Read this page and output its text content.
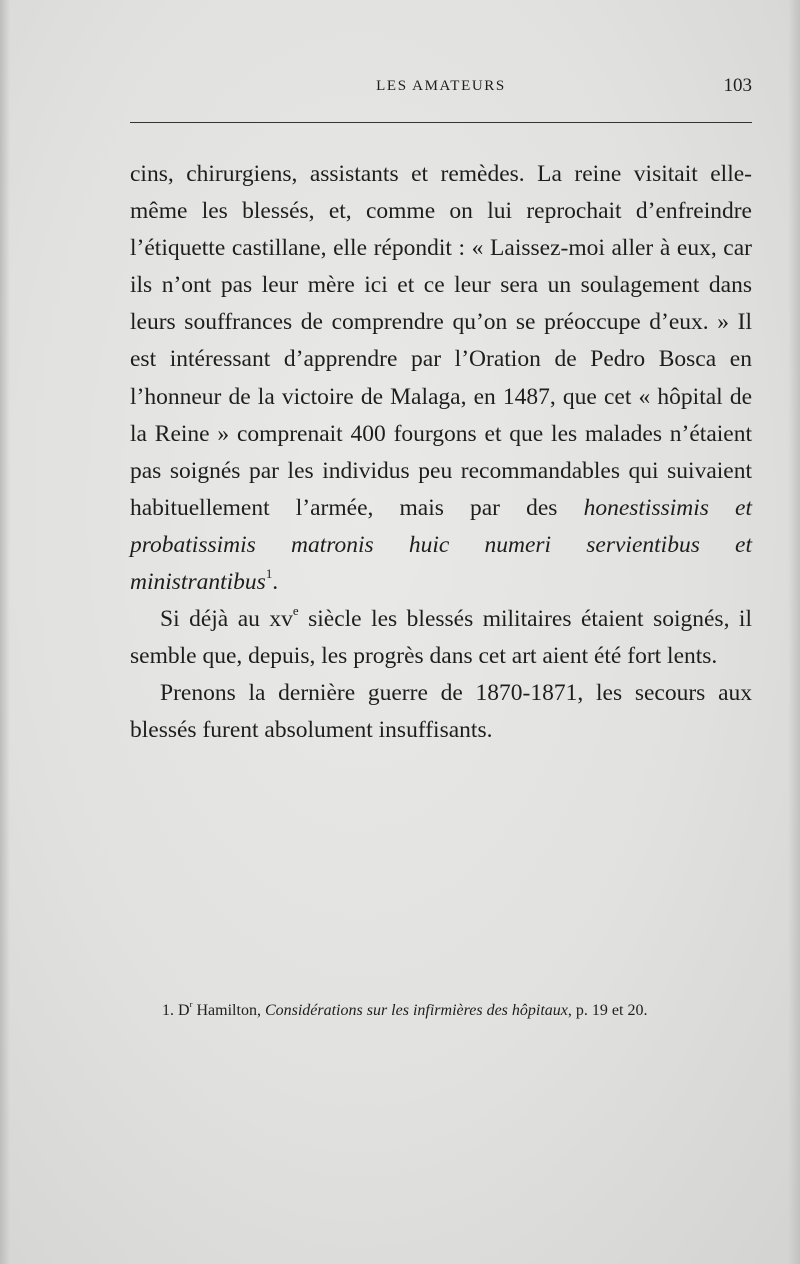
LES AMATEURS	103

cins, chirurgiens, assistants et remèdes. La reine visitait elle-même les blessés, et, comme on lui reprochait d’enfreindre l’étiquette castillane, elle répondit : « Laissez-moi aller à eux, car ils n’ont pas leur mère ici et ce leur sera un soulagement dans leurs souffrances de comprendre qu’on se préoccupe d’eux. » Il est intéressant d’apprendre par l’Oration de Pedro Bosca en l’honneur de la victoire de Malaga, en 1487, que cet « hôpital de la Reine » comprenait 400 fourgons et que les malades n’étaient pas soignés par les individus peu recommandables qui suivaient habituellement l’armée, mais par des honestissimis et probatissimis matronis huic numeri servientibus et ministrantibus$^1$.

Si déjà au $xv^e$ siècle les blessés militaires étaient soignés, il semble que, depuis, les progrès dans cet art aient été fort lents.

Prenons la dernière guerre de 1870-1871, les secours aux blessés furent absolument insuffisants.

1. $D^r$ Hamilton, Considérations sur les infirmières des hôpitaux, p. 19 et 20.
